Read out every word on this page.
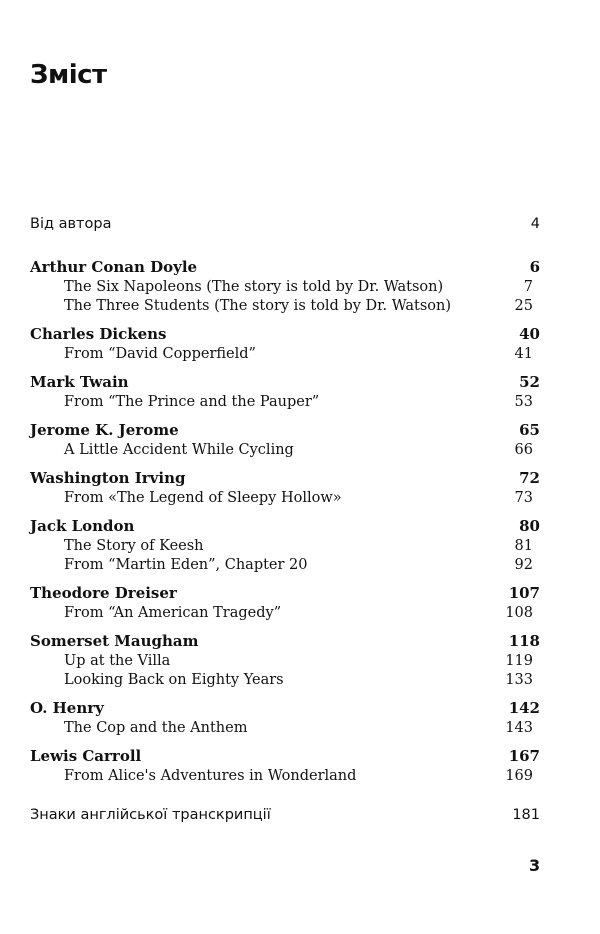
Зміст
Від автора	4
Arthur Conan Doyle	6
The Six Napoleons (The story is told by Dr. Watson)	7
The Three Students (The story is told by Dr. Watson)	25
Charles Dickens	40
From “David Copperfield”	41
Mark Twain	52
From “The Prince and the Pauper”	53
Jerome K. Jerome	65
A Little Accident While Cycling	66
Washington Irving	72
From «The Legend of Sleepy Hollow»	73
Jack London	80
The Story of Keesh	81
From “Martin Eden”, Chapter 20	92
Theodore Dreiser	107
From “An American Tragedy”	108
Somerset Maugham	118
Up at the Villa	119
Looking Back on Eighty Years	133
O. Henry	142
The Cop and the Anthem	143
Lewis Carroll	167
From Alice's Adventures in Wonderland	169
Знаки англійської транскрипції	181
3
